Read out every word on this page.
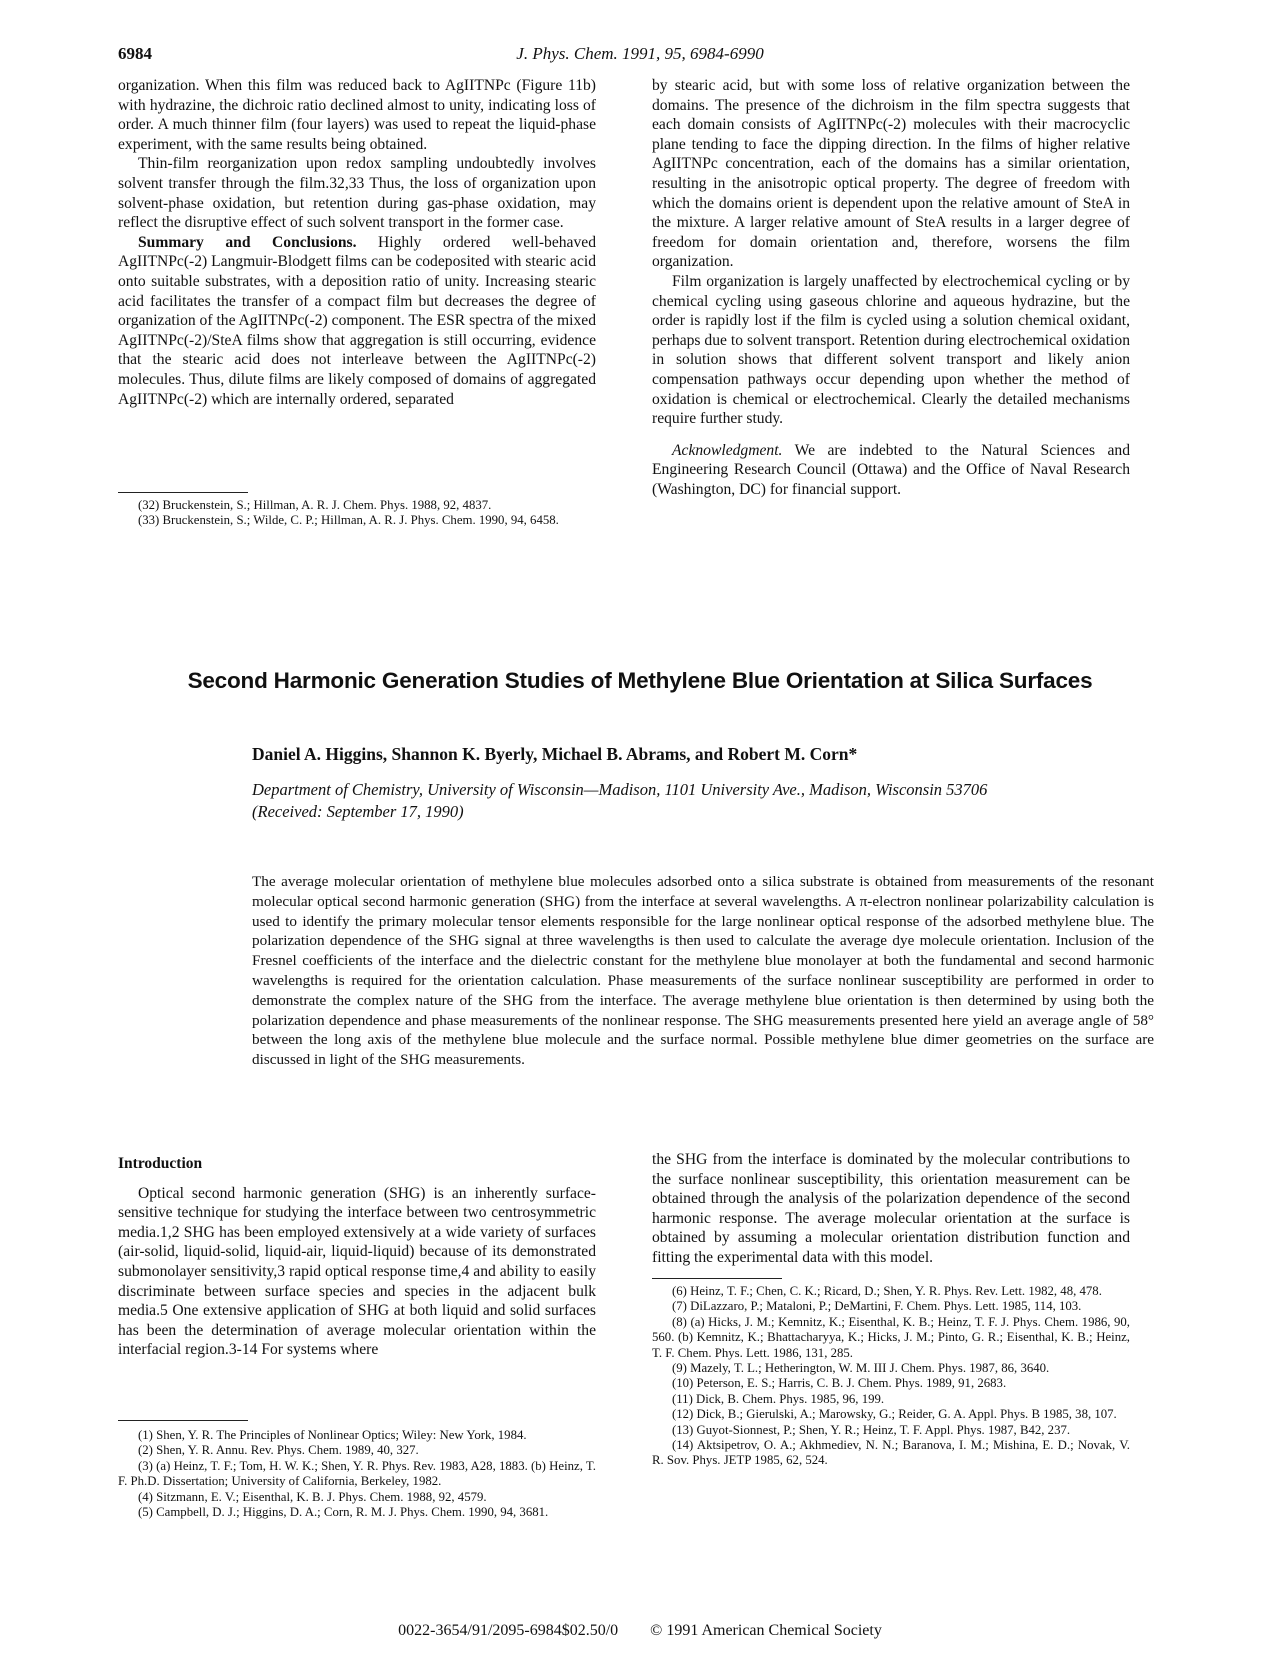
6984	J. Phys. Chem. 1991, 95, 6984-6990

organization. When this film was reduced back to AgIITNPc (Figure 11b) with hydrazine, the dichroic ratio declined almost to unity, indicating loss of order. A much thinner film (four layers) was used to repeat the liquid-phase experiment, with the same results being obtained.

Thin-film reorganization upon redox sampling undoubtedly involves solvent transfer through the film.32,33 Thus, the loss of organization upon solvent-phase oxidation, but retention during gas-phase oxidation, may reflect the disruptive effect of such solvent transport in the former case.

Summary and Conclusions. Highly ordered well-behaved AgIITNPc(-2) Langmuir-Blodgett films can be codeposited with stearic acid onto suitable substrates, with a deposition ratio of unity. Increasing stearic acid facilitates the transfer of a compact film but decreases the degree of organization of the AgIITNPc(-2) component. The ESR spectra of the mixed AgIITNPc(-2)/SteA films show that aggregation is still occurring, evidence that the stearic acid does not interleave between the AgIITNPc(-2) molecules. Thus, dilute films are likely composed of domains of aggregated AgIITNPc(-2) which are internally ordered, separated

(32) Bruckenstein, S.; Hillman, A. R. J. Chem. Phys. 1988, 92, 4837.

(33) Bruckenstein, S.; Wilde, C. P.; Hillman, A. R. J. Phys. Chem. 1990, 94, 6458.

by stearic acid, but with some loss of relative organization between the domains. The presence of the dichroism in the film spectra suggests that each domain consists of AgIITNPc(-2) molecules with their macrocyclic plane tending to face the dipping direction. In the films of higher relative AgIITNPc concentration, each of the domains has a similar orientation, resulting in the anisotropic optical property. The degree of freedom with which the domains orient is dependent upon the relative amount of SteA in the mixture. A larger relative amount of SteA results in a larger degree of freedom for domain orientation and, therefore, worsens the film organization.

Film organization is largely unaffected by electrochemical cycling or by chemical cycling using gaseous chlorine and aqueous hydrazine, but the order is rapidly lost if the film is cycled using a solution chemical oxidant, perhaps due to solvent transport. Retention during electrochemical oxidation in solution shows that different solvent transport and likely anion compensation pathways occur depending upon whether the method of oxidation is chemical or electrochemical. Clearly the detailed mechanisms require further study.

Acknowledgment. We are indebted to the Natural Sciences and Engineering Research Council (Ottawa) and the Office of Naval Research (Washington, DC) for financial support.

Second Harmonic Generation Studies of Methylene Blue Orientation at Silica Surfaces
Daniel A. Higgins, Shannon K. Byerly, Michael B. Abrams, and Robert M. Corn*
Department of Chemistry, University of Wisconsin—Madison, 1101 University Ave., Madison, Wisconsin 53706
(Received: September 17, 1990)
The average molecular orientation of methylene blue molecules adsorbed onto a silica substrate is obtained from measurements of the resonant molecular optical second harmonic generation (SHG) from the interface at several wavelengths. A π-electron nonlinear polarizability calculation is used to identify the primary molecular tensor elements responsible for the large nonlinear optical response of the adsorbed methylene blue. The polarization dependence of the SHG signal at three wavelengths is then used to calculate the average dye molecule orientation. Inclusion of the Fresnel coefficients of the interface and the dielectric constant for the methylene blue monolayer at both the fundamental and second harmonic wavelengths is required for the orientation calculation. Phase measurements of the surface nonlinear susceptibility are performed in order to demonstrate the complex nature of the SHG from the interface. The average methylene blue orientation is then determined by using both the polarization dependence and phase measurements of the nonlinear response. The SHG measurements presented here yield an average angle of 58° between the long axis of the methylene blue molecule and the surface normal. Possible methylene blue dimer geometries on the surface are discussed in light of the SHG measurements.
Introduction

Optical second harmonic generation (SHG) is an inherently surface-sensitive technique for studying the interface between two centrosymmetric media.1,2 SHG has been employed extensively at a wide variety of surfaces (air-solid, liquid-solid, liquid-air, liquid-liquid) because of its demonstrated submonolayer sensitivity,3 rapid optical response time,4 and ability to easily discriminate between surface species and species in the adjacent bulk media.5 One extensive application of SHG at both liquid and solid surfaces has been the determination of average molecular orientation within the interfacial region.3-14 For systems where

(1) Shen, Y. R. The Principles of Nonlinear Optics; Wiley: New York, 1984.

(2) Shen, Y. R. Annu. Rev. Phys. Chem. 1989, 40, 327.

(3) (a) Heinz, T. F.; Tom, H. W. K.; Shen, Y. R. Phys. Rev. 1983, A28, 1883. (b) Heinz, T. F. Ph.D. Dissertation; University of California, Berkeley, 1982.

(4) Sitzmann, E. V.; Eisenthal, K. B. J. Phys. Chem. 1988, 92, 4579.

(5) Campbell, D. J.; Higgins, D. A.; Corn, R. M. J. Phys. Chem. 1990, 94, 3681.

the SHG from the interface is dominated by the molecular contributions to the surface nonlinear susceptibility, this orientation measurement can be obtained through the analysis of the polarization dependence of the second harmonic response. The average molecular orientation at the surface is obtained by assuming a molecular orientation distribution function and fitting the experimental data with this model.

(6) Heinz, T. F.; Chen, C. K.; Ricard, D.; Shen, Y. R. Phys. Rev. Lett. 1982, 48, 478.

(7) DiLazzaro, P.; Mataloni, P.; DeMartini, F. Chem. Phys. Lett. 1985, 114, 103.

(8) (a) Hicks, J. M.; Kemnitz, K.; Eisenthal, K. B.; Heinz, T. F. J. Phys. Chem. 1986, 90, 560. (b) Kemnitz, K.; Bhattacharyya, K.; Hicks, J. M.; Pinto, G. R.; Eisenthal, K. B.; Heinz, T. F. Chem. Phys. Lett. 1986, 131, 285.

(9) Mazely, T. L.; Hetherington, W. M. III J. Chem. Phys. 1987, 86, 3640.

(10) Peterson, E. S.; Harris, C. B. J. Chem. Phys. 1989, 91, 2683.

(11) Dick, B. Chem. Phys. 1985, 96, 199.

(12) Dick, B.; Gierulski, A.; Marowsky, G.; Reider, G. A. Appl. Phys. B 1985, 38, 107.

(13) Guyot-Sionnest, P.; Shen, Y. R.; Heinz, T. F. Appl. Phys. 1987, B42, 237.

(14) Aktsipetrov, O. A.; Akhmediev, N. N.; Baranova, I. M.; Mishina, E. D.; Novak, V. R. Sov. Phys. JETP 1985, 62, 524.

0022-3654/91/2095-6984$02.50/0 © 1991 American Chemical Society
